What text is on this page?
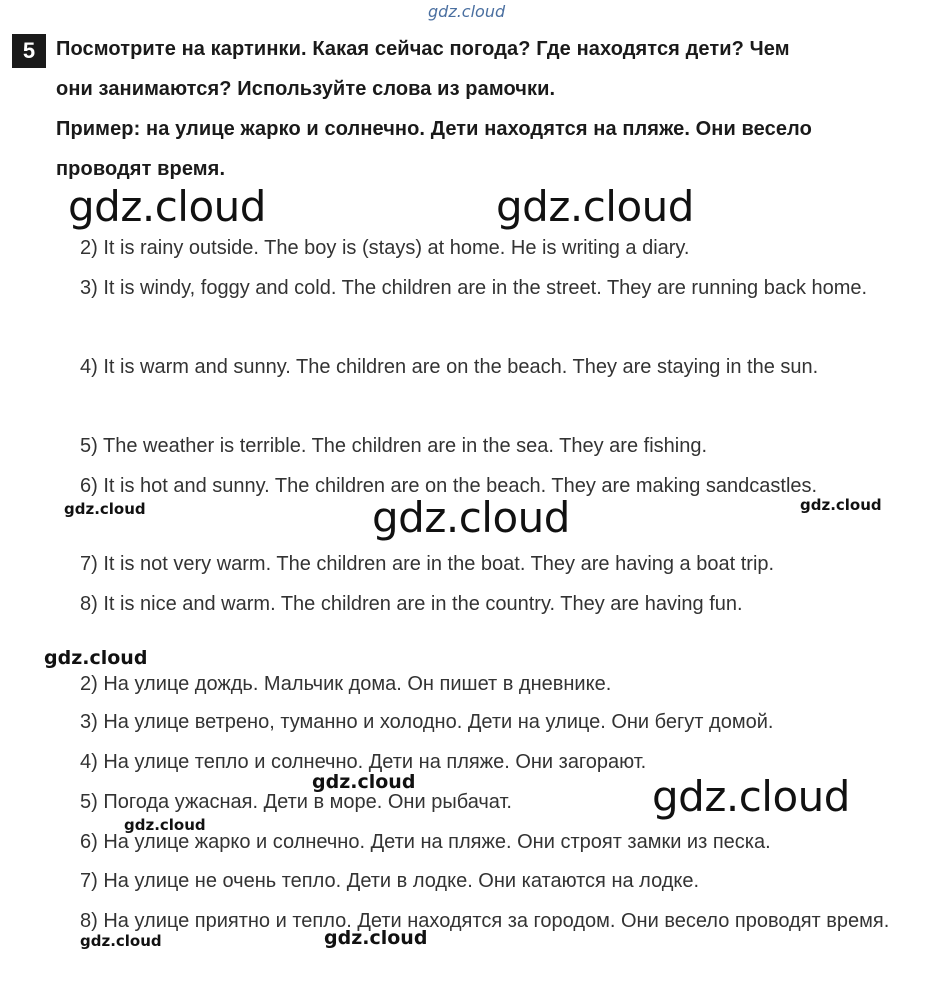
gdz.cloud
5	Посмотрите на картинки. Какая сейчас погода? Где находятся дети? Чем
они занимаются? Используйте слова из рамочки.
Пример: на улице жарко и солнечно. Дети находятся на пляже. Они весело
проводят время.
gdz.cloud	gdz.cloud
2) It is rainy outside. The boy is (stays) at home. He is writing a diary.
3) It is windy, foggy and cold. The children are in the street. They are running back home.
4) It is warm and sunny. The children are on the beach. They are staying in the sun.
5) The weather is terrible. The children are in the sea. They are fishing.
6) It is hot and sunny. The children are on the beach. They are making sandcastles.
7) It is not very warm. The children are in the boat. They are having a boat trip.
8) It is nice and warm. The children are in the country. They are having fun.
gdz.cloud	gdz.cloud	gdz.cloud
gdz.cloud
2) На улице дождь. Мальчик дома. Он пишет в дневнике.
3) На улице ветрено, туманно и холодно. Дети на улице. Они бегут домой.
4) На улице тепло и солнечно. Дети на пляже. Они загорают.
5) Погода ужасная. Дети в море. Они рыбачат.
6) На улице жарко и солнечно. Дети на пляже. Они строят замки из песка.
7) На улице не очень тепло. Дети в лодке. Они катаются на лодке.
8) На улице приятно и тепло. Дети находятся за городом. Они весело проводят время.
gdz.cloud	gdz.cloud
gdz.cloud
gdz.cloud	gdz.cloud
